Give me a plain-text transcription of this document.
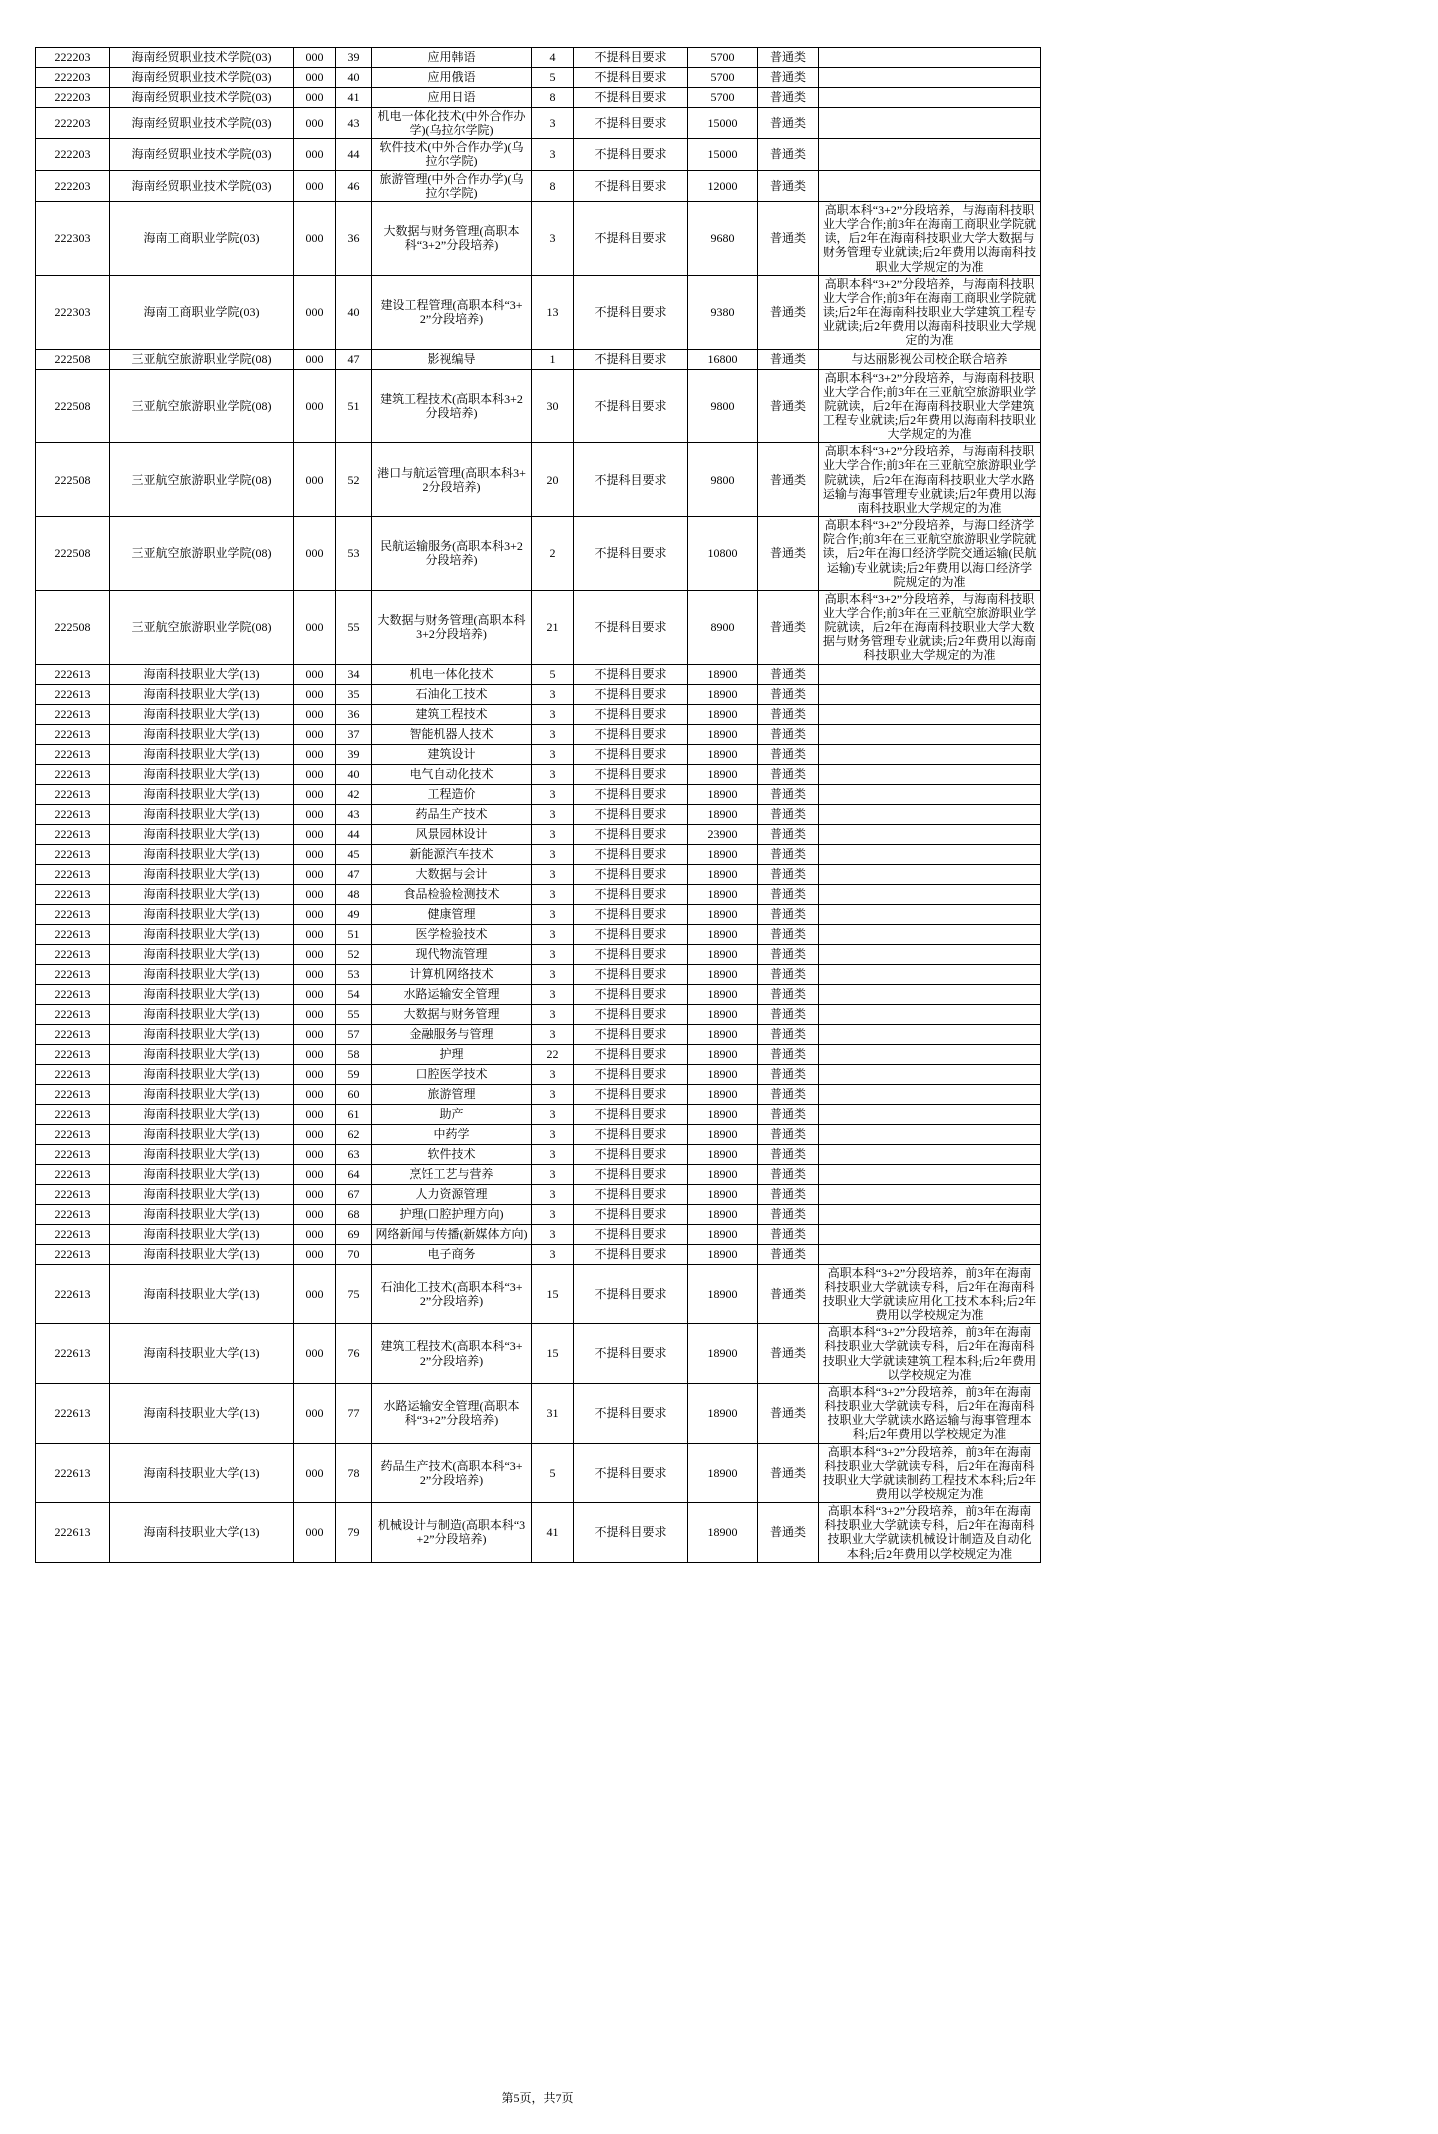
222203	海南经贸职业技术学院(03)	000	39	应用韩语	4	不提科目要求	5700	普通类	
222203	海南经贸职业技术学院(03)	000	40	应用俄语	5	不提科目要求	5700	普通类	
222203	海南经贸职业技术学院(03)	000	41	应用日语	8	不提科目要求	5700	普通类	
222203	海南经贸职业技术学院(03)	000	43	机电一体化技术(中外合作办学)(乌拉尔学院)	3	不提科目要求	15000	普通类	
222203	海南经贸职业技术学院(03)	000	44	软件技术(中外合作办学)(乌拉尔学院)	3	不提科目要求	15000	普通类	
222203	海南经贸职业技术学院(03)	000	46	旅游管理(中外合作办学)(乌拉尔学院)	8	不提科目要求	12000	普通类	
222303	海南工商职业学院(03)	000	36	大数据与财务管理(高职本科“3+2”分段培养)	3	不提科目要求	9680	普通类	高职本科“3+2”分段培养，与海南科技职业大学合作;前3年在海南工商职业学院就读，后2年在海南科技职业大学大数据与财务管理专业就读;后2年费用以海南科技职业大学规定的为准
222303	海南工商职业学院(03)	000	40	建设工程管理(高职本科“3+2”分段培养)	13	不提科目要求	9380	普通类	高职本科“3+2”分段培养，与海南科技职业大学合作;前3年在海南工商职业学院就读;后2年在海南科技职业大学建筑工程专业就读;后2年费用以海南科技职业大学规定的为准
222508	三亚航空旅游职业学院(08)	000	47	影视编导	1	不提科目要求	16800	普通类	与达丽影视公司校企联合培养
222508	三亚航空旅游职业学院(08)	000	51	建筑工程技术(高职本科3+2分段培养)	30	不提科目要求	9800	普通类	高职本科“3+2”分段培养，与海南科技职业大学合作;前3年在三亚航空旅游职业学院就读，后2年在海南科技职业大学建筑工程专业就读;后2年费用以海南科技职业大学规定的为准
222508	三亚航空旅游职业学院(08)	000	52	港口与航运管理(高职本科3+2分段培养)	20	不提科目要求	9800	普通类	高职本科“3+2”分段培养，与海南科技职业大学合作;前3年在三亚航空旅游职业学院就读，后2年在海南科技职业大学水路运输与海事管理专业就读;后2年费用以海南科技职业大学规定的为准
222508	三亚航空旅游职业学院(08)	000	53	民航运输服务(高职本科3+2分段培养)	2	不提科目要求	10800	普通类	高职本科“3+2”分段培养，与海口经济学院合作;前3年在三亚航空旅游职业学院就读，后2年在海口经济学院交通运输(民航运输)专业就读;后2年费用以海口经济学院规定的为准
222508	三亚航空旅游职业学院(08)	000	55	大数据与财务管理(高职本科3+2分段培养)	21	不提科目要求	8900	普通类	高职本科“3+2”分段培养，与海南科技职业大学合作;前3年在三亚航空旅游职业学院就读，后2年在海南科技职业大学大数据与财务管理专业就读;后2年费用以海南科技职业大学规定的为准
222613	海南科技职业大学(13)	000	34	机电一体化技术	5	不提科目要求	18900	普通类	
222613	海南科技职业大学(13)	000	35	石油化工技术	3	不提科目要求	18900	普通类	
222613	海南科技职业大学(13)	000	36	建筑工程技术	3	不提科目要求	18900	普通类	
222613	海南科技职业大学(13)	000	37	智能机器人技术	3	不提科目要求	18900	普通类	
222613	海南科技职业大学(13)	000	39	建筑设计	3	不提科目要求	18900	普通类	
222613	海南科技职业大学(13)	000	40	电气自动化技术	3	不提科目要求	18900	普通类	
222613	海南科技职业大学(13)	000	42	工程造价	3	不提科目要求	18900	普通类	
222613	海南科技职业大学(13)	000	43	药品生产技术	3	不提科目要求	18900	普通类	
222613	海南科技职业大学(13)	000	44	风景园林设计	3	不提科目要求	23900	普通类	
222613	海南科技职业大学(13)	000	45	新能源汽车技术	3	不提科目要求	18900	普通类	
222613	海南科技职业大学(13)	000	47	大数据与会计	3	不提科目要求	18900	普通类	
222613	海南科技职业大学(13)	000	48	食品检验检测技术	3	不提科目要求	18900	普通类	
222613	海南科技职业大学(13)	000	49	健康管理	3	不提科目要求	18900	普通类	
222613	海南科技职业大学(13)	000	51	医学检验技术	3	不提科目要求	18900	普通类	
222613	海南科技职业大学(13)	000	52	现代物流管理	3	不提科目要求	18900	普通类	
222613	海南科技职业大学(13)	000	53	计算机网络技术	3	不提科目要求	18900	普通类	
222613	海南科技职业大学(13)	000	54	水路运输安全管理	3	不提科目要求	18900	普通类	
222613	海南科技职业大学(13)	000	55	大数据与财务管理	3	不提科目要求	18900	普通类	
222613	海南科技职业大学(13)	000	57	金融服务与管理	3	不提科目要求	18900	普通类	
222613	海南科技职业大学(13)	000	58	护理	22	不提科目要求	18900	普通类	
222613	海南科技职业大学(13)	000	59	口腔医学技术	3	不提科目要求	18900	普通类	
222613	海南科技职业大学(13)	000	60	旅游管理	3	不提科目要求	18900	普通类	
222613	海南科技职业大学(13)	000	61	助产	3	不提科目要求	18900	普通类	
222613	海南科技职业大学(13)	000	62	中药学	3	不提科目要求	18900	普通类	
222613	海南科技职业大学(13)	000	63	软件技术	3	不提科目要求	18900	普通类	
222613	海南科技职业大学(13)	000	64	烹饪工艺与营养	3	不提科目要求	18900	普通类	
222613	海南科技职业大学(13)	000	67	人力资源管理	3	不提科目要求	18900	普通类	
222613	海南科技职业大学(13)	000	68	护理(口腔护理方向)	3	不提科目要求	18900	普通类	
222613	海南科技职业大学(13)	000	69	网络新闻与传播(新媒体方向)	3	不提科目要求	18900	普通类	
222613	海南科技职业大学(13)	000	70	电子商务	3	不提科目要求	18900	普通类	
222613	海南科技职业大学(13)	000	75	石油化工技术(高职本科“3+2”分段培养)	15	不提科目要求	18900	普通类	高职本科“3+2”分段培养，前3年在海南科技职业大学就读专科，后2年在海南科技职业大学就读应用化工技术本科;后2年费用以学校规定为准
222613	海南科技职业大学(13)	000	76	建筑工程技术(高职本科“3+2”分段培养)	15	不提科目要求	18900	普通类	高职本科“3+2”分段培养，前3年在海南科技职业大学就读专科，后2年在海南科技职业大学就读建筑工程本科;后2年费用以学校规定为准
222613	海南科技职业大学(13)	000	77	水路运输安全管理(高职本科“3+2”分段培养)	31	不提科目要求	18900	普通类	高职本科“3+2”分段培养，前3年在海南科技职业大学就读专科，后2年在海南科技职业大学就读水路运输与海事管理本科;后2年费用以学校规定为准
222613	海南科技职业大学(13)	000	78	药品生产技术(高职本科“3+2”分段培养)	5	不提科目要求	18900	普通类	高职本科“3+2”分段培养，前3年在海南科技职业大学就读专科，后2年在海南科技职业大学就读制药工程技术本科;后2年费用以学校规定为准
222613	海南科技职业大学(13)	000	79	机械设计与制造(高职本科“3+2”分段培养)	41	不提科目要求	18900	普通类	高职本科“3+2”分段培养，前3年在海南科技职业大学就读专科，后2年在海南科技职业大学就读机械设计制造及自动化本科;后2年费用以学校规定为准
第5页，共7页
